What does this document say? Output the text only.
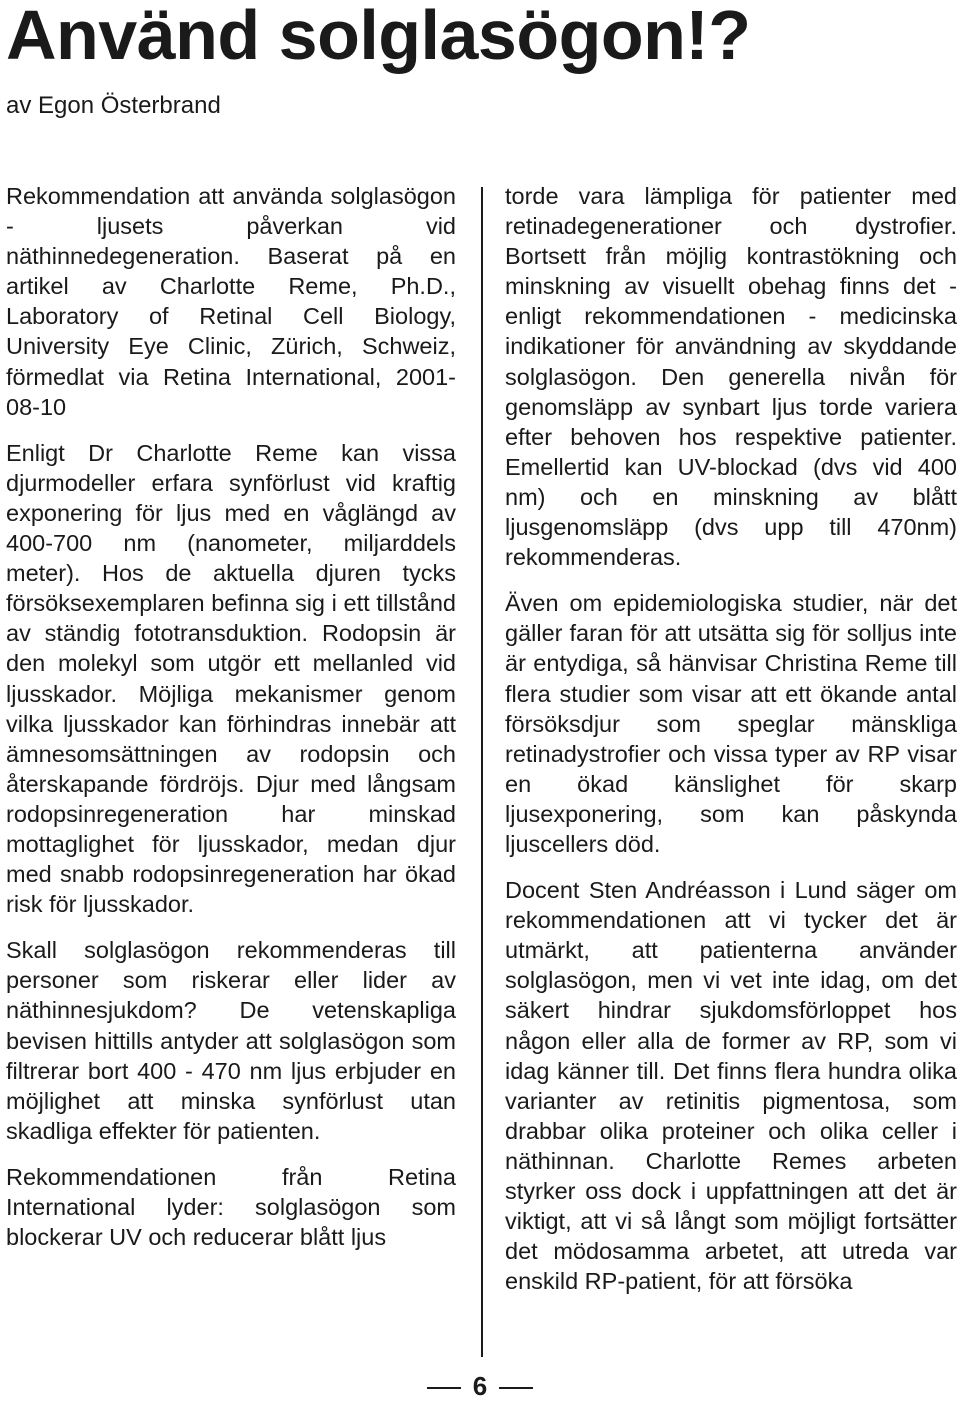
Använd solglasögon!?
av Egon Österbrand

Rekommendation att använda solglasögon - ljusets påverkan vid näthinnedegeneration. Baserat på en artikel av Charlotte Reme, Ph.D., Laboratory of Retinal Cell Biology, University Eye Clinic, Zürich, Schweiz, förmedlat via Retina International, 2001-08-10

Enligt Dr Charlotte Reme kan vissa djurmodeller erfara synförlust vid kraftig exponering för ljus med en våglängd av 400-700 nm (nanometer, miljarddels meter). Hos de aktuella djuren tycks försöksexemplaren befinna sig i ett tillstånd av ständig fototransduktion. Rodopsin är den molekyl som utgör ett mellanled vid ljusskador. Möjliga mekanismer genom vilka ljusskador kan förhindras innebär att ämnesomsättningen av rodopsin och återskapande fördröjs. Djur med långsam rodopsinregeneration har minskad mottaglighet för ljusskador, medan djur med snabb rodopsinregeneration har ökad risk för ljusskador.

Skall solglasögon rekommenderas till personer som riskerar eller lider av näthinnesjukdom? De vetenskapliga bevisen hittills antyder att solglasögon som filtrerar bort 400 - 470 nm ljus erbjuder en möjlighet att minska synförlust utan skadliga effekter för patienten.

Rekommendationen från Retina International lyder: solglasögon som blockerar UV och reducerar blått ljus

torde vara lämpliga för patienter med retinadegenerationer och dystrofier. Bortsett från möjlig kontrastökning och minskning av visuellt obehag finns det - enligt rekommendationen - medicinska indikationer för användning av skyddande solglasögon. Den generella nivån för genomsläpp av synbart ljus torde variera efter behoven hos respektive patienter. Emellertid kan UV-blockad (dvs vid 400 nm) och en minskning av blått ljusgenomsläpp (dvs upp till 470nm) rekommenderas.

Även om epidemiologiska studier, när det gäller faran för att utsätta sig för solljus inte är entydiga, så hänvisar Christina Reme till flera studier som visar att ett ökande antal försöksdjur som speglar mänskliga retinadystrofier och vissa typer av RP visar en ökad känslighet för skarp ljusexponering, som kan påskynda ljuscellers död.

Docent Sten Andréasson i Lund säger om rekommendationen att vi tycker det är utmärkt, att patienterna använder solglasögon, men vi vet inte idag, om det säkert hindrar sjukdomsförloppet hos någon eller alla de former av RP, som vi idag känner till. Det finns flera hundra olika varianter av retinitis pigmentosa, som drabbar olika proteiner och olika celler i näthinnan. Charlotte Remes arbeten styrker oss dock i uppfattningen att det är viktigt, att vi så långt som möjligt fortsätter det mödosamma arbetet, att utreda var enskild RP-patient, för att försöka

6
